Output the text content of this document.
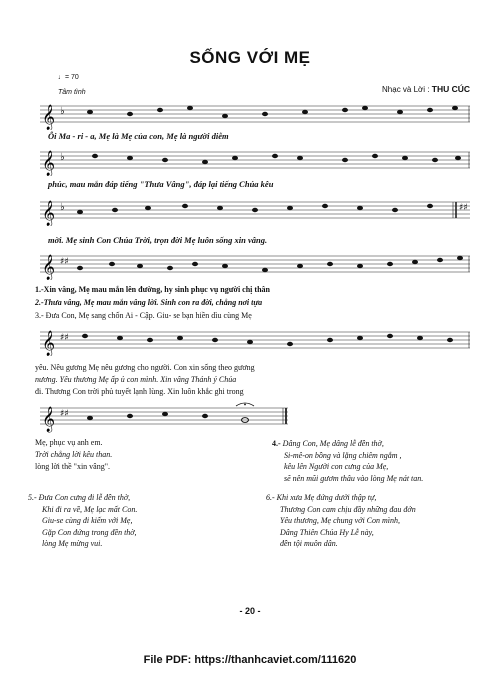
SỐNG VỚI MẸ
♩= 70
Tâm tình	Nhạc và Lời : THU CÚC
𝄞 ♭
Ôi Ma - ri - a, Mẹ là Mẹ của con, Mẹ là người diễm
𝄞 ♭
phúc, mau mắn đáp tiếng "Thưa Vâng", đáp lại tiếng Chúa kêu
𝄞 ♭	♯♯
mời. Mẹ sinh Con Chúa Trời, trọn đời Mẹ luôn sống xin vâng.
𝄞 ♯♯
1.-Xin vâng, Mẹ mau mắn lên đường, hy sinh phục vụ người chị thân
2.-Thưa vâng, Mẹ mau mắn vâng lời. Sinh con ra đời, chẳng nơi tựa
3.- Đưa Con, Mẹ sang chốn Ai - Cập. Giu- se bạn hiền dìu cùng Mẹ
𝄞 ♯♯
yêu. Nêu gương Mẹ nêu gương cho người. Con xin sống theo gương
nương. Yêu thương Mẹ ấp ủ con mình. Xin vâng Thánh ý Chúa
đi. Thương Con trời phủ tuyết lạnh lùng. Xin luôn khắc ghi trong
𝄞 ♯♯
Mẹ, phục vụ anh em.
Trời chẳng lời kêu than.
lòng lời thề "xin vâng".
4.- Dâng Con, Mẹ dâng lễ đền thờ,
Si-mê-on bồng và lặng chiêm ngắm ,
kêu lên Người con cưng của Mẹ,
sẽ nên mũi gươm thâu vào lòng Mẹ nát tan.
5.- Đưa Con cưng đi lễ đền thờ,
Khi đi ra về, Mẹ lạc mất Con.
Giu-se cùng đi kiếm với Mẹ,
Gặp Con đứng trong đền thờ,
lòng Mẹ mừng vui.
6.- Khi xưa Mẹ đứng dưới thập tự,
Thương Con cam chịu đầy những đau đớn
Yêu thương, Mẹ chung với Con mình,
Dâng Thiên Chúa Hy Lễ này,
đền tội muôn dân.
- 20 -
File PDF: https://thanhcaviet.com/111620
